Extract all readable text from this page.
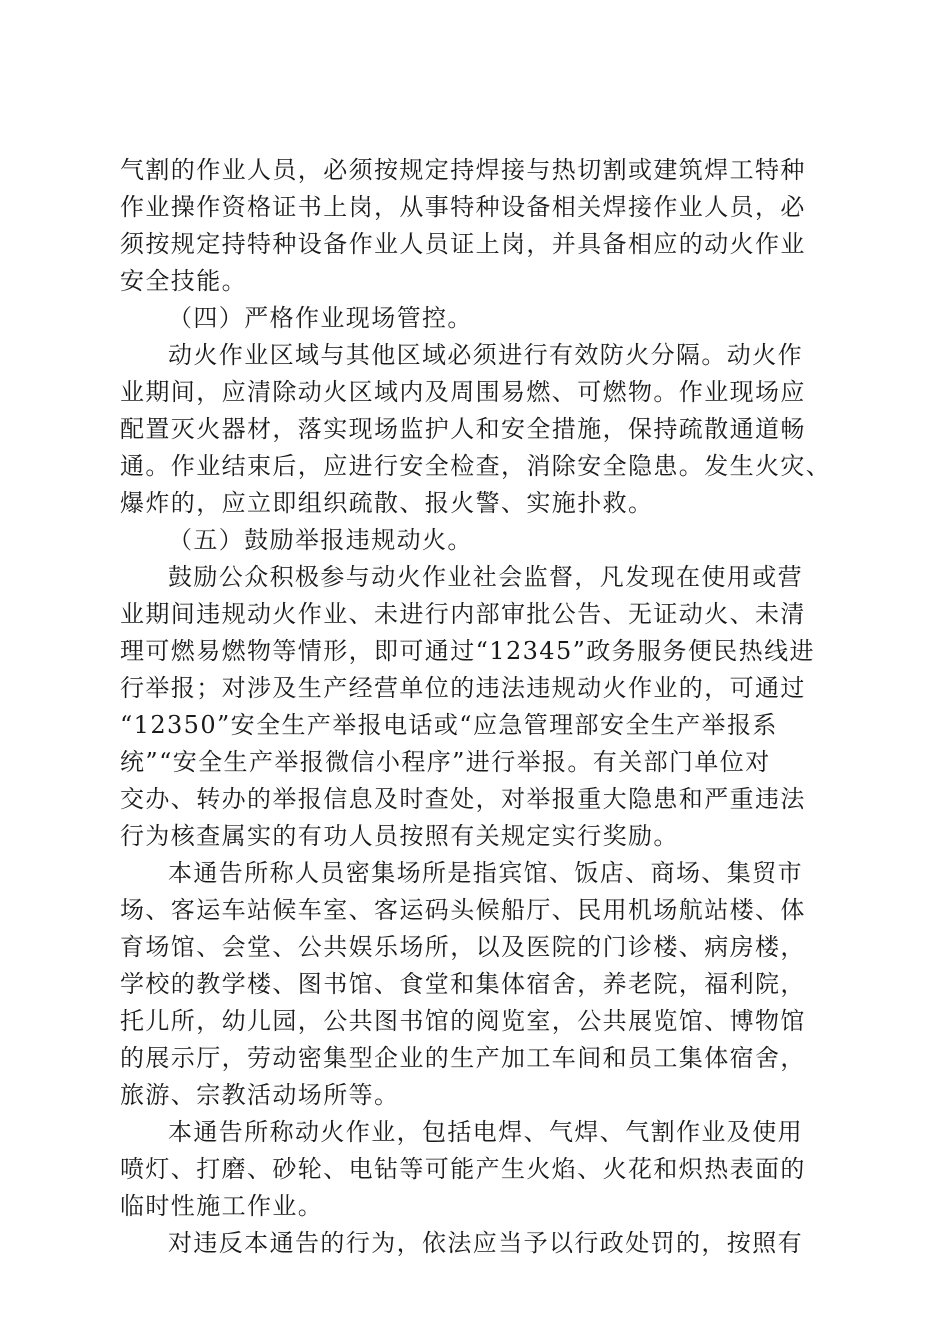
气割的作业人员，必须按规定持焊接与热切割或建筑焊工特种
作业操作资格证书上岗，从事特种设备相关焊接作业人员，必
须按规定持特种设备作业人员证上岗，并具备相应的动火作业
安全技能。
（四）严格作业现场管控。
动火作业区域与其他区域必须进行有效防火分隔。动火作
业期间，应清除动火区域内及周围易燃、可燃物。作业现场应
配置灭火器材，落实现场监护人和安全措施，保持疏散通道畅
通。作业结束后，应进行安全检查，消除安全隐患。发生火灾、
爆炸的，应立即组织疏散、报火警、实施扑救。
（五）鼓励举报违规动火。
鼓励公众积极参与动火作业社会监督，凡发现在使用或营
业期间违规动火作业、未进行内部审批公告、无证动火、未清
理可燃易燃物等情形，即可通过“12345”政务服务便民热线进
行举报；对涉及生产经营单位的违法违规动火作业的，可通过
“12350”安全生产举报电话或“应急管理部安全生产举报系
统”“安全生产举报微信小程序”进行举报。有关部门单位对
交办、转办的举报信息及时查处，对举报重大隐患和严重违法
行为核查属实的有功人员按照有关规定实行奖励。
本通告所称人员密集场所是指宾馆、饭店、商场、集贸市
场、客运车站候车室、客运码头候船厅、民用机场航站楼、体
育场馆、会堂、公共娱乐场所，以及医院的门诊楼、病房楼，
学校的教学楼、图书馆、食堂和集体宿舍，养老院，福利院，
托儿所，幼儿园，公共图书馆的阅览室，公共展览馆、博物馆
的展示厅，劳动密集型企业的生产加工车间和员工集体宿舍，
旅游、宗教活动场所等。
本通告所称动火作业，包括电焊、气焊、气割作业及使用
喷灯、打磨、砂轮、电钻等可能产生火焰、火花和炽热表面的
临时性施工作业。
对违反本通告的行为，依法应当予以行政处罚的，按照有
